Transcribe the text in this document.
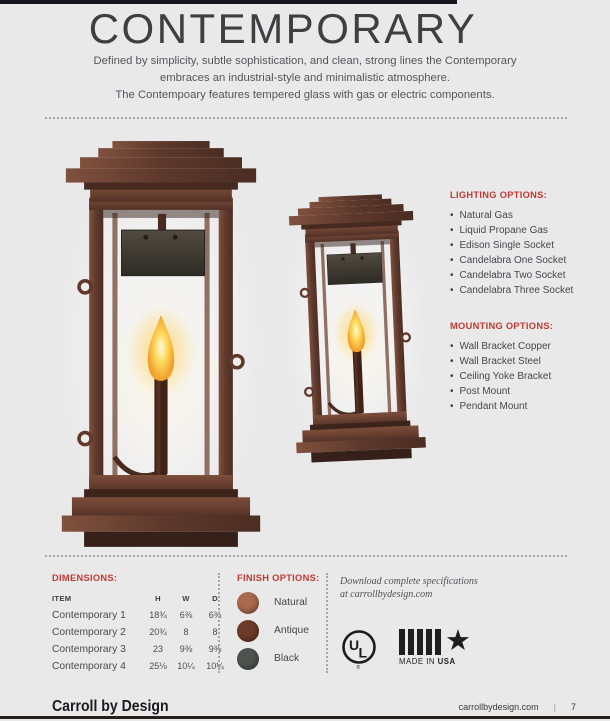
CONTEMPORARY
Defined by simplicity, subtle sophistication, and clean, strong lines the Contemporary
embraces an industrial-style and minimalistic atmosphere.
The Contempoary features tempered glass with gas or electric components.
LIGHTING OPTIONS:
• Natural Gas
• Liquid Propane Gas
• Edison Single Socket
• Candelabra One Socket
• Candelabra Two Socket
• Candelabra Three Socket
MOUNTING OPTIONS:
• Wall Bracket Copper
• Wall Bracket Steel
• Ceiling Yoke Bracket
• Post Mount
• Pendant Mount
DIMENSIONS:
ITEM	H	W	D
Contemporary 1	18¾	6⅜	6⅜
Contemporary 2	20¾	8	8
Contemporary 3	23	9⅜	9⅜
Contemporary 4	25⅛	10¼	10¼
FINISH OPTIONS:
Natural
Antique
Black
Download complete specifications
at carrollbydesign.com
U L
®
★
MADE IN USA
Carroll by Design	carrollbydesign.com | 7
